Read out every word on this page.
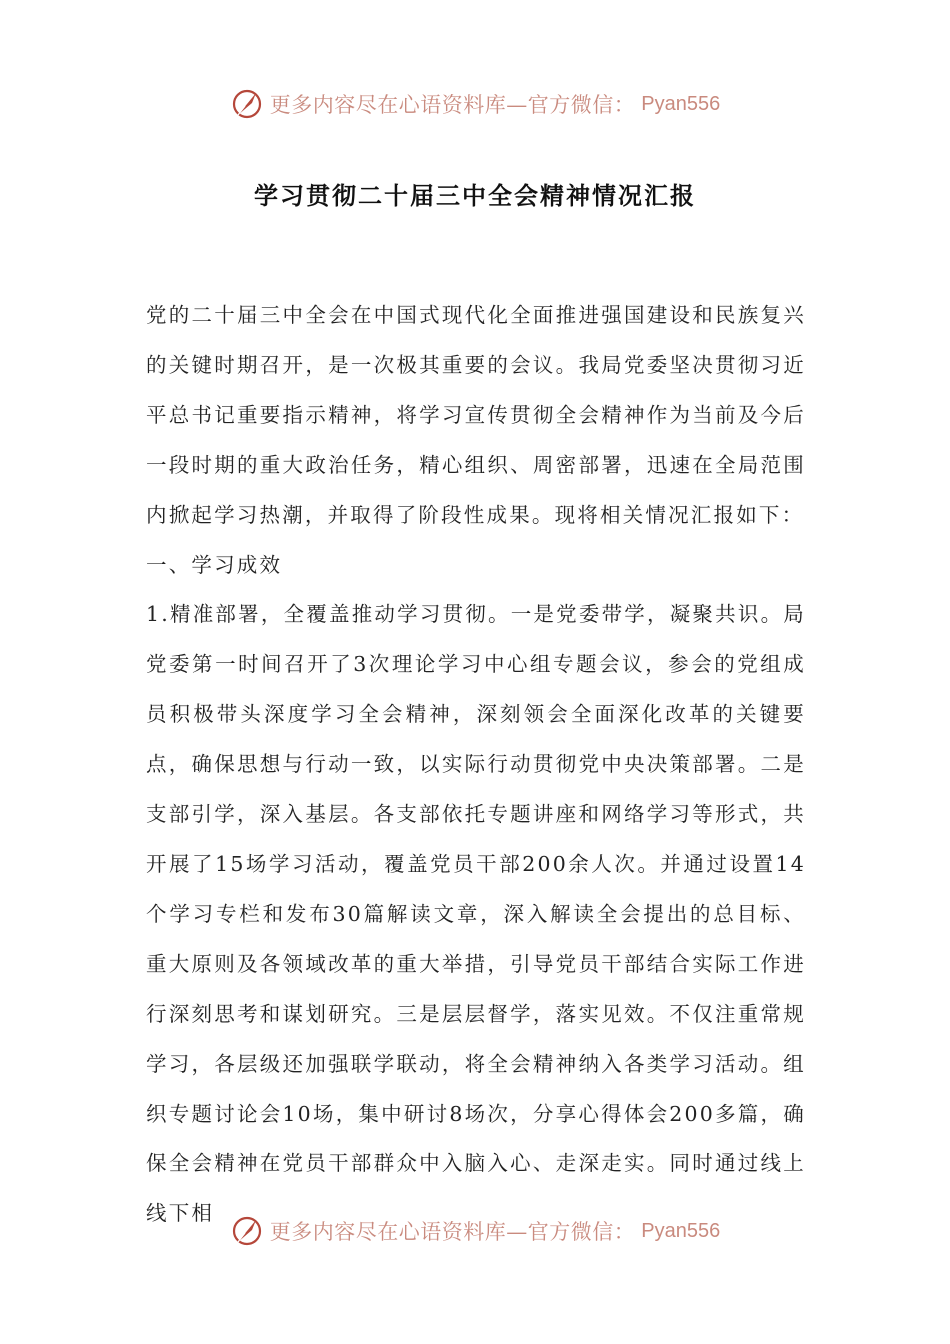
更多内容尽在心语资料库—官方微信： Pyan556
学习贯彻二十届三中全会精神情况汇报

党的二十届三中全会在中国式现代化全面推进强国建设和民族复兴的关键时期召开，是一次极其重要的会议。我局党委坚决贯彻习近平总书记重要指示精神，将学习宣传贯彻全会精神作为当前及今后一段时期的重大政治任务，精心组织、周密部署，迅速在全局范围内掀起学习热潮，并取得了阶段性成果。现将相关情况汇报如下：

一、学习成效

1.精准部署，全覆盖推动学习贯彻。一是党委带学，凝聚共识。局党委第一时间召开了3次理论学习中心组专题会议，参会的党组成员积极带头深度学习全会精神，深刻领会全面深化改革的关键要点，确保思想与行动一致，以实际行动贯彻党中央决策部署。二是支部引学，深入基层。各支部依托专题讲座和网络学习等形式，共开展了15场学习活动，覆盖党员干部200余人次。并通过设置14个学习专栏和发布30篇解读文章，深入解读全会提出的总目标、重大原则及各领域改革的重大举措，引导党员干部结合实际工作进行深刻思考和谋划研究。三是层层督学，落实见效。不仅注重常规学习，各层级还加强联学联动，将全会精神纳入各类学习活动。组织专题讨论会10场，集中研讨8场次，分享心得体会200多篇，确保全会精神在党员干部群众中入脑入心、走深走实。同时通过线上线下相

更多内容尽在心语资料库—官方微信： Pyan556
